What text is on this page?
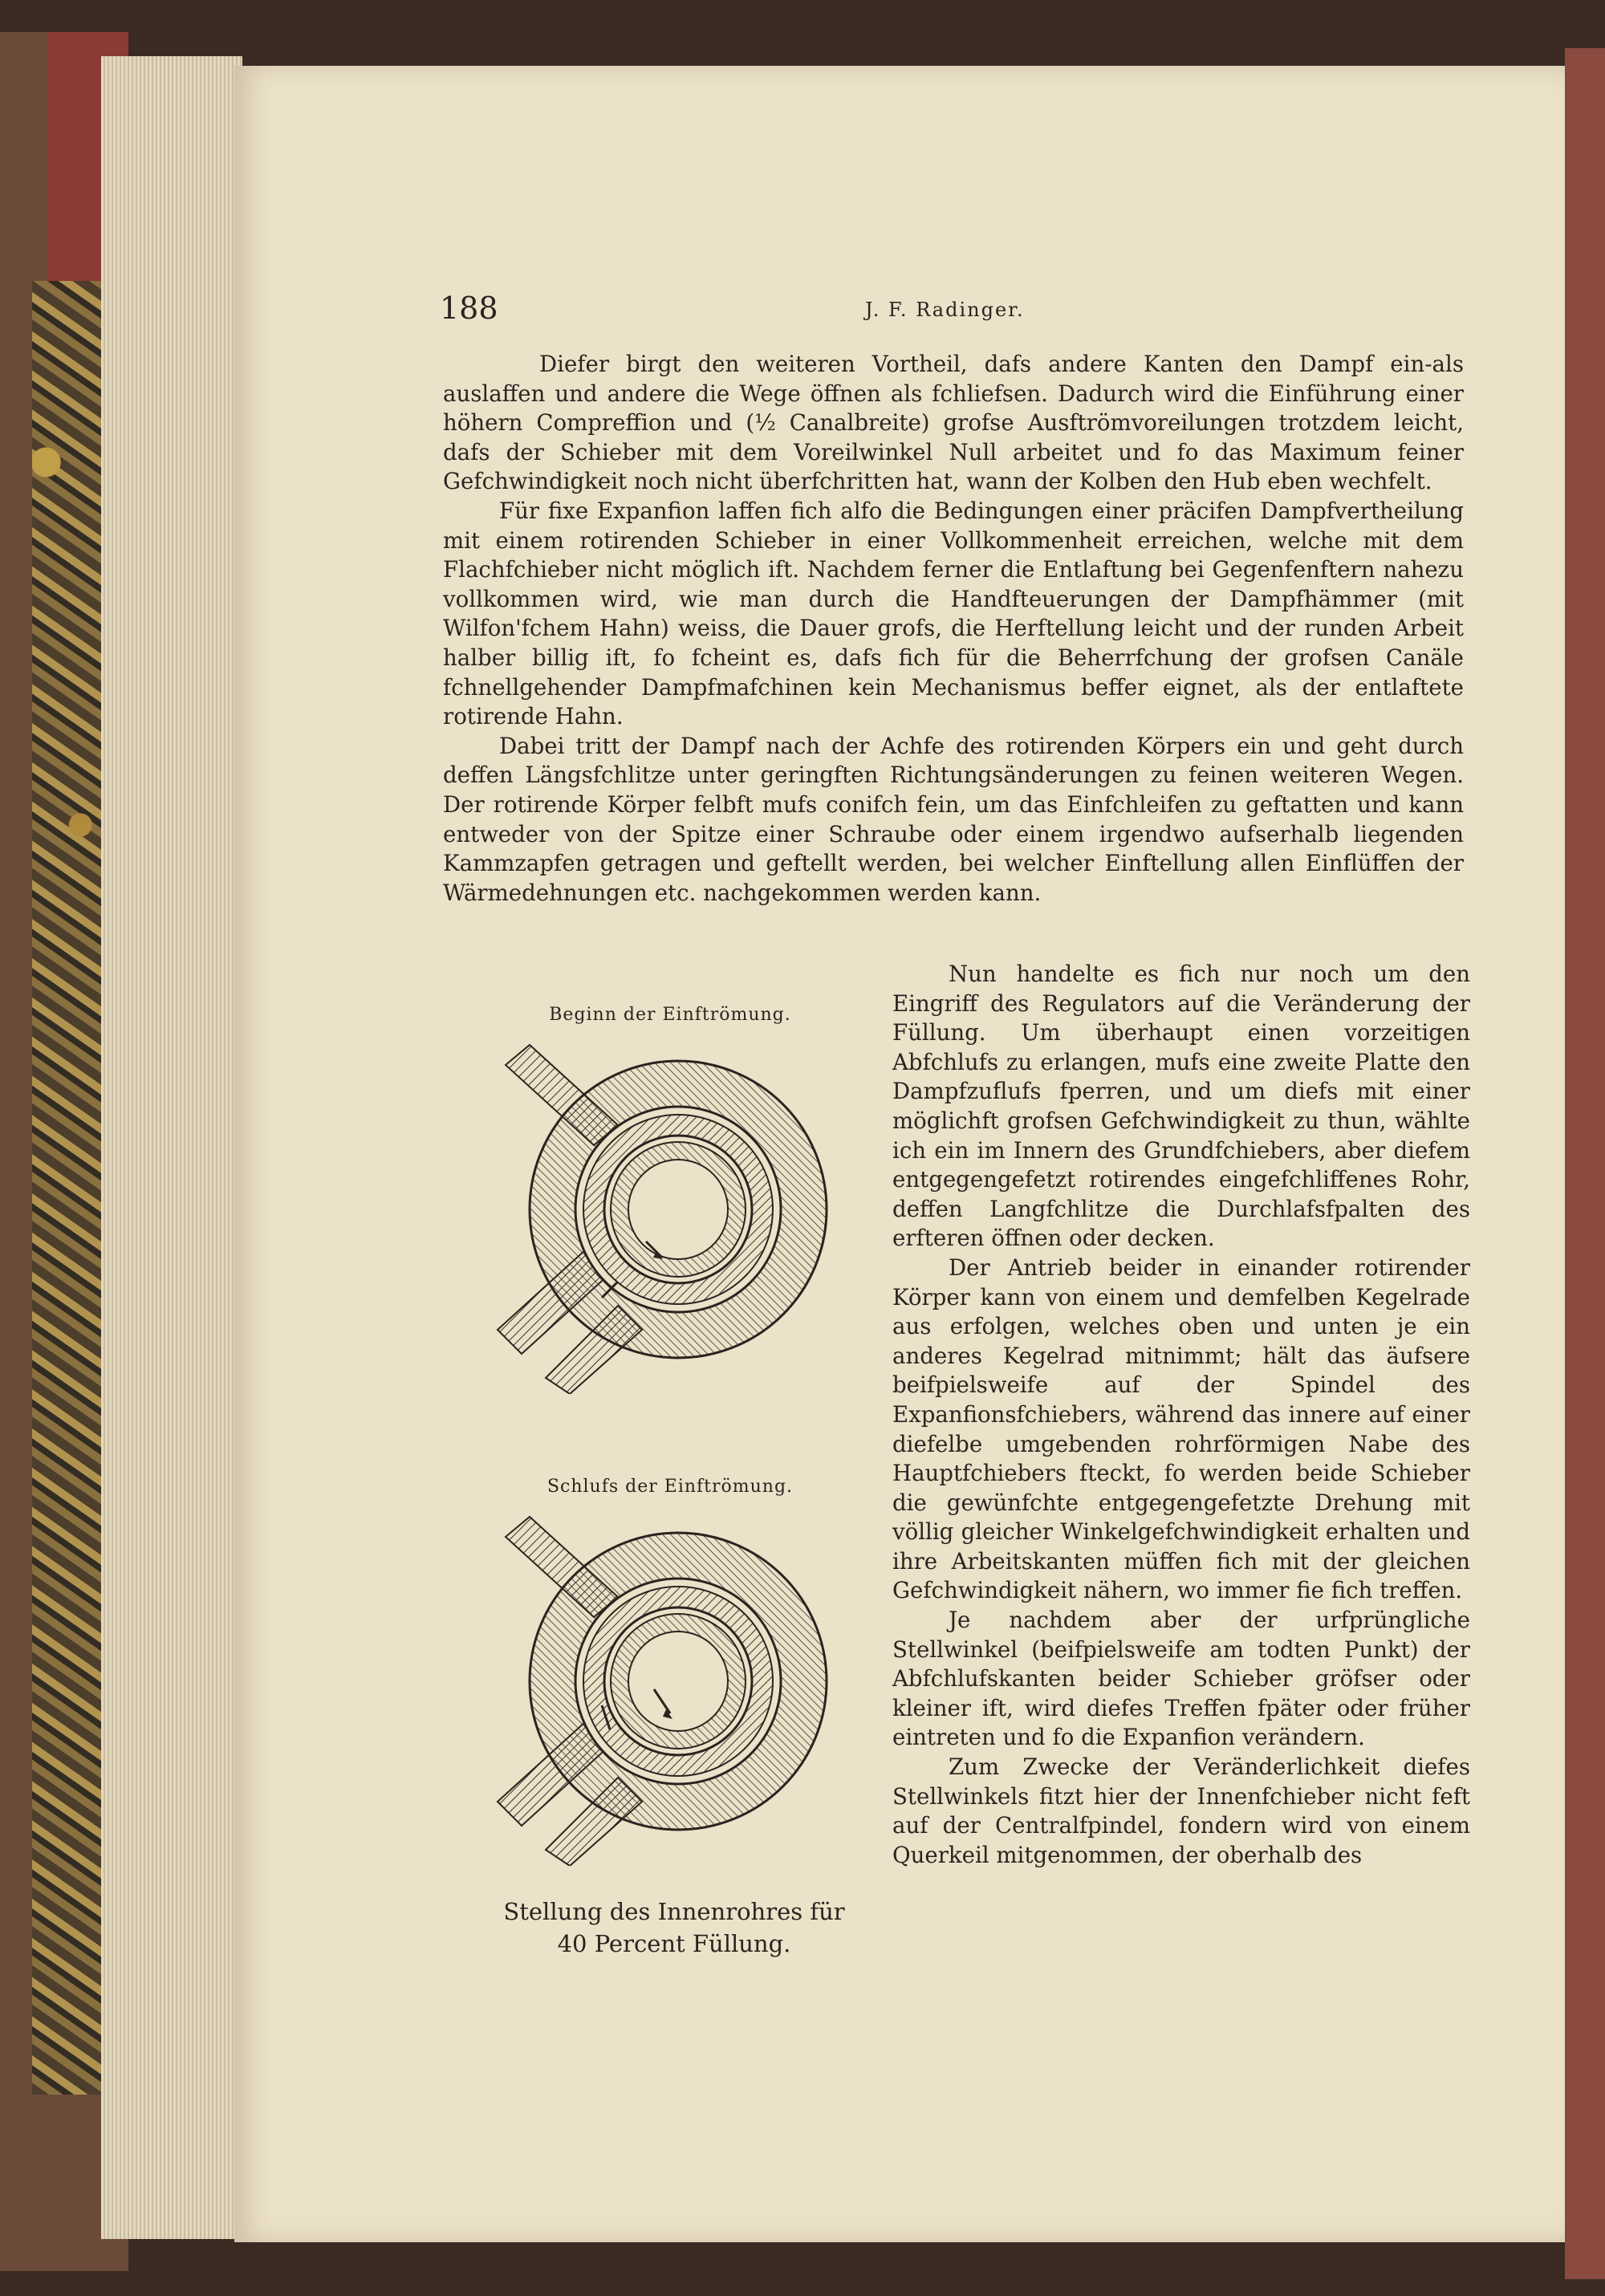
188	J. F. Radinger.

Diefer birgt den weiteren Vortheil, dafs andere Kanten den Dampf ein-als auslaffen und andere die Wege öffnen als fchliefsen. Dadurch wird die Einführung einer höhern Compreffion und (½ Canalbreite) grofse Ausftrömvoreilungen trotzdem leicht, dafs der Schieber mit dem Voreilwinkel Null arbeitet und fo das Maximum feiner Gefchwindigkeit noch nicht überfchritten hat, wann der Kolben den Hub eben wechfelt.

Für fixe Expanfion laffen fich alfo die Bedingungen einer präcifen Dampfvertheilung mit einem rotirenden Schieber in einer Vollkommenheit erreichen, welche mit dem Flachfchieber nicht möglich ift. Nachdem ferner die Entlaftung bei Gegenfenftern nahezu vollkommen wird, wie man durch die Handfteuerungen der Dampfhämmer (mit Wilfon'fchem Hahn) weiss, die Dauer grofs, die Herftellung leicht und der runden Arbeit halber billig ift, fo fcheint es, dafs fich für die Beherrfchung der grofsen Canäle fchnellgehender Dampfmafchinen kein Mechanismus beffer eignet, als der entlaftete rotirende Hahn.

Dabei tritt der Dampf nach der Achfe des rotirenden Körpers ein und geht durch deffen Längsfchlitze unter geringften Richtungsänderungen zu feinen weiteren Wegen. Der rotirende Körper felbft mufs conifch fein, um das Einfchleifen zu geftatten und kann entweder von der Spitze einer Schraube oder einem irgendwo aufserhalb liegenden Kammzapfen getragen und geftellt werden, bei welcher Einftellung allen Einflüffen der Wärmedehnungen etc. nachgekommen werden kann.

Beginn der Einftrömung.
Schlufs der Einftrömung.
Stellung des Innenrohres für
40 Percent Füllung.

Nun handelte es fich nur noch um den Eingriff des Regulators auf die Veränderung der Füllung. Um überhaupt einen vorzeitigen Abfchlufs zu erlangen, mufs eine zweite Platte den Dampfzuflufs fperren, und um diefs mit einer möglichft grofsen Gefchwindigkeit zu thun, wählte ich ein im Innern des Grundfchiebers, aber diefem entgegengefetzt rotirendes eingefchliffenes Rohr, deffen Langfchlitze die Durchlafsfpalten des erfteren öffnen oder decken.

Der Antrieb beider in einander rotirender Körper kann von einem und demfelben Kegelrade aus erfolgen, welches oben und unten je ein anderes Kegelrad mitnimmt; hält das äufsere beifpielsweife auf der Spindel des Expanfionsfchiebers, während das innere auf einer diefelbe umgebenden rohrförmigen Nabe des Hauptfchiebers fteckt, fo werden beide Schieber die gewünfchte entgegengefetzte Drehung mit völlig gleicher Winkelgefchwindigkeit erhalten und ihre Arbeitskanten müffen fich mit der gleichen Gefchwindigkeit nähern, wo immer fie fich treffen.

Je nachdem aber der urfprüngliche Stellwinkel (beifpielsweife am todten Punkt) der Abfchlufskanten beider Schieber gröfser oder kleiner ift, wird diefes Treffen fpäter oder früher eintreten und fo die Expanfion verändern.

Zum Zwecke der Veränderlichkeit diefes Stellwinkels fitzt hier der Innenfchieber nicht feft auf der Centralfpindel, fondern wird von einem Querkeil mitgenommen, der oberhalb des
